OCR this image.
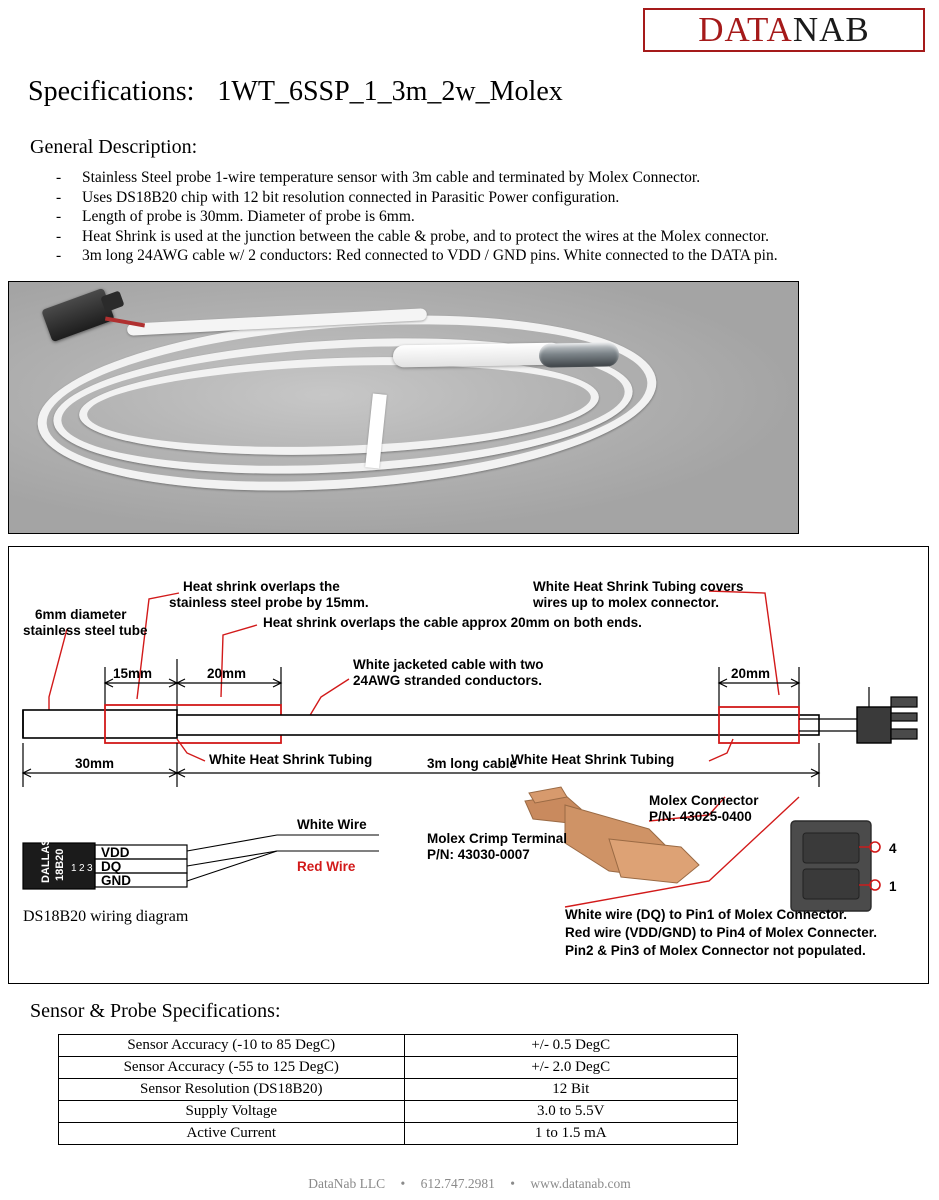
DATANAB
Specifications: 1WT_6SSP_1_3m_2w_Molex
General Description:
-	Stainless Steel probe 1-wire temperature sensor with 3m cable and terminated by Molex Connector.
-	Uses DS18B20 chip with 12 bit resolution connected in Parasitic Power configuration.
-	Length of probe is 30mm. Diameter of probe is 6mm.
-	Heat Shrink is used at the junction between the cable & probe, and to protect the wires at the Molex connector.
-	3m long 24AWG cable w/ 2 conductors: Red connected to VDD / GND pins. White connected to the DATA pin.
Heat shrink overlaps the
stainless steel probe by 15mm.
White Heat Shrink Tubing covers
wires up to molex connector.
6mm diameter
stainless steel tube
Heat shrink overlaps the cable approx 20mm on both ends.
White jacketed cable with two
24AWG stranded conductors.
15mm	20mm	20mm
30mm	3m long cable
White Heat Shrink Tubing	White Heat Shrink Tubing
DALLAS 18B20 1 2 3
VDD
DQ
GND
White Wire
Red Wire
DS18B20 wiring diagram
Molex Crimp Terminal
P/N: 43030-0007	4
1
Molex Connector
P/N: 43025-0400
White wire (DQ) to Pin1 of Molex Connector.
Red wire (VDD/GND) to Pin4 of Molex Connecter.
Pin2 & Pin3 of Molex Connector not populated.
Sensor & Probe Specifications:
Sensor Accuracy (-10 to 85 DegC)	+/- 0.5 DegC
Sensor Accuracy (-55 to 125 DegC)	+/- 2.0 DegC
Sensor Resolution (DS18B20)	12 Bit
Supply Voltage	3.0 to 5.5V
Active Current	1 to 1.5 mA
DataNab LLC • 612.747.2981 • www.datanab.com
